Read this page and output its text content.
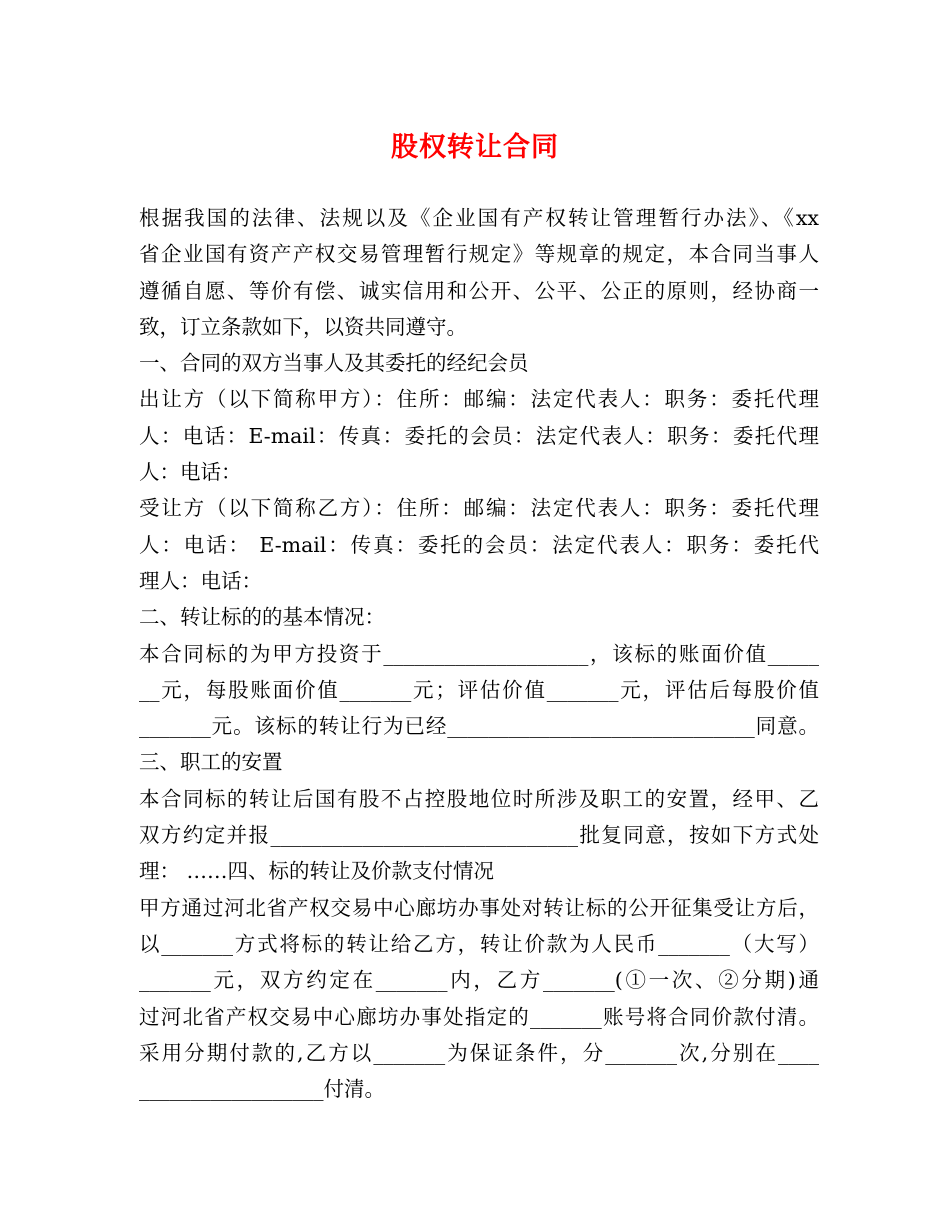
股权转让合同
根据我国的法律、法规以及《企业国有产权转让管理暂行办法》、《xx
省企业国有资产产权交易管理暂行规定》等规章的规定，本合同当事人
遵循自愿、等价有偿、诚实信用和公开、公平、公正的原则，经协商一
致，订立条款如下，以资共同遵守。
一、合同的双方当事人及其委托的经纪会员
出让方（以下简称甲方）：住所：邮编：法定代表人：职务：委托代理
人：电话：E-mail：传真：委托的会员：法定代表人：职务：委托代理
人：电话：
受让方（以下简称乙方）：住所：邮编：法定代表人：职务：委托代理
人：电话： E-mail：传真：委托的会员：法定代表人：职务：委托代
理人：电话：
二、转让标的的基本情况：
本合同标的为甲方投资于____________________，该标的账面价值_____
__元，每股账面价值_______元；评估价值_______元，评估后每股价值
_______元。该标的转让行为已经______________________________同意。
三、职工的安置
本合同标的转让后国有股不占控股地位时所涉及职工的安置，经甲、乙
双方约定并报______________________________批复同意，按如下方式处
理： ……四、标的转让及价款支付情况
甲方通过河北省产权交易中心廊坊办事处对转让标的公开征集受让方后，
以_______方式将标的转让给乙方，转让价款为人民币_______（大写）
_______元，双方约定在_______内，乙方_______(①一次、②分期)通
过河北省产权交易中心廊坊办事处指定的_______账号将合同价款付清。
采用分期付款的,乙方以_______为保证条件，分_______次,分别在____
__________________付清。
